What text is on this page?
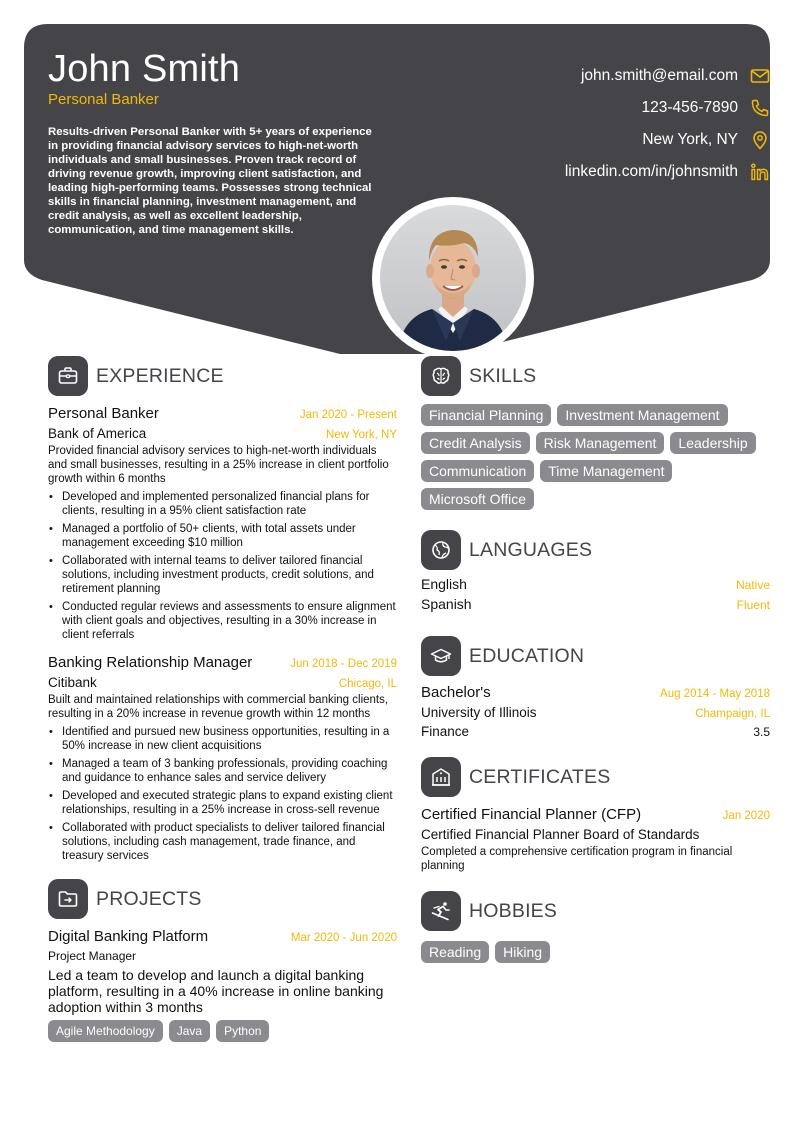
John Smith
Personal Banker
Results-driven Personal Banker with 5+ years of experience in providing financial advisory services to high-net-worth individuals and small businesses. Proven track record of driving revenue growth, improving client satisfaction, and leading high-performing teams. Possesses strong technical skills in financial planning, investment management, and credit analysis, as well as excellent leadership, communication, and time management skills.
john.smith@email.com
123-456-7890
New York, NY
linkedin.com/in/johnsmith
EXPERIENCE
Personal Banker	Jan 2020 - Present
Bank of America	New York, NY
Provided financial advisory services to high-net-worth individuals and small businesses, resulting in a 25% increase in client portfolio growth within 6 months
• Developed and implemented personalized financial plans for clients, resulting in a 95% client satisfaction rate
• Managed a portfolio of 50+ clients, with total assets under management exceeding $10 million
• Collaborated with internal teams to deliver tailored financial solutions, including investment products, credit solutions, and retirement planning
• Conducted regular reviews and assessments to ensure alignment with client goals and objectives, resulting in a 30% increase in client referrals
Banking Relationship Manager	Jun 2018 - Dec 2019
Citibank	Chicago, IL
Built and maintained relationships with commercial banking clients, resulting in a 20% increase in revenue growth within 12 months
• Identified and pursued new business opportunities, resulting in a 50% increase in new client acquisitions
• Managed a team of 3 banking professionals, providing coaching and guidance to enhance sales and service delivery
• Developed and executed strategic plans to expand existing client relationships, resulting in a 25% increase in cross-sell revenue
• Collaborated with product specialists to deliver tailored financial solutions, including cash management, trade finance, and treasury services
PROJECTS
Digital Banking Platform	Mar 2020 - Jun 2020
Project Manager
Led a team to develop and launch a digital banking platform, resulting in a 40% increase in online banking adoption within 3 months
Agile Methodology	Java	Python
SKILLS
Financial Planning	Investment Management
Credit Analysis	Risk Management	Leadership
Communication	Time Management
Microsoft Office
LANGUAGES
English	Native
Spanish	Fluent
EDUCATION
Bachelor's	Aug 2014 - May 2018
University of Illinois	Champaign, IL
Finance	3.5
CERTIFICATES
Certified Financial Planner (CFP)	Jan 2020
Certified Financial Planner Board of Standards
Completed a comprehensive certification program in financial planning
HOBBIES
Reading	Hiking
